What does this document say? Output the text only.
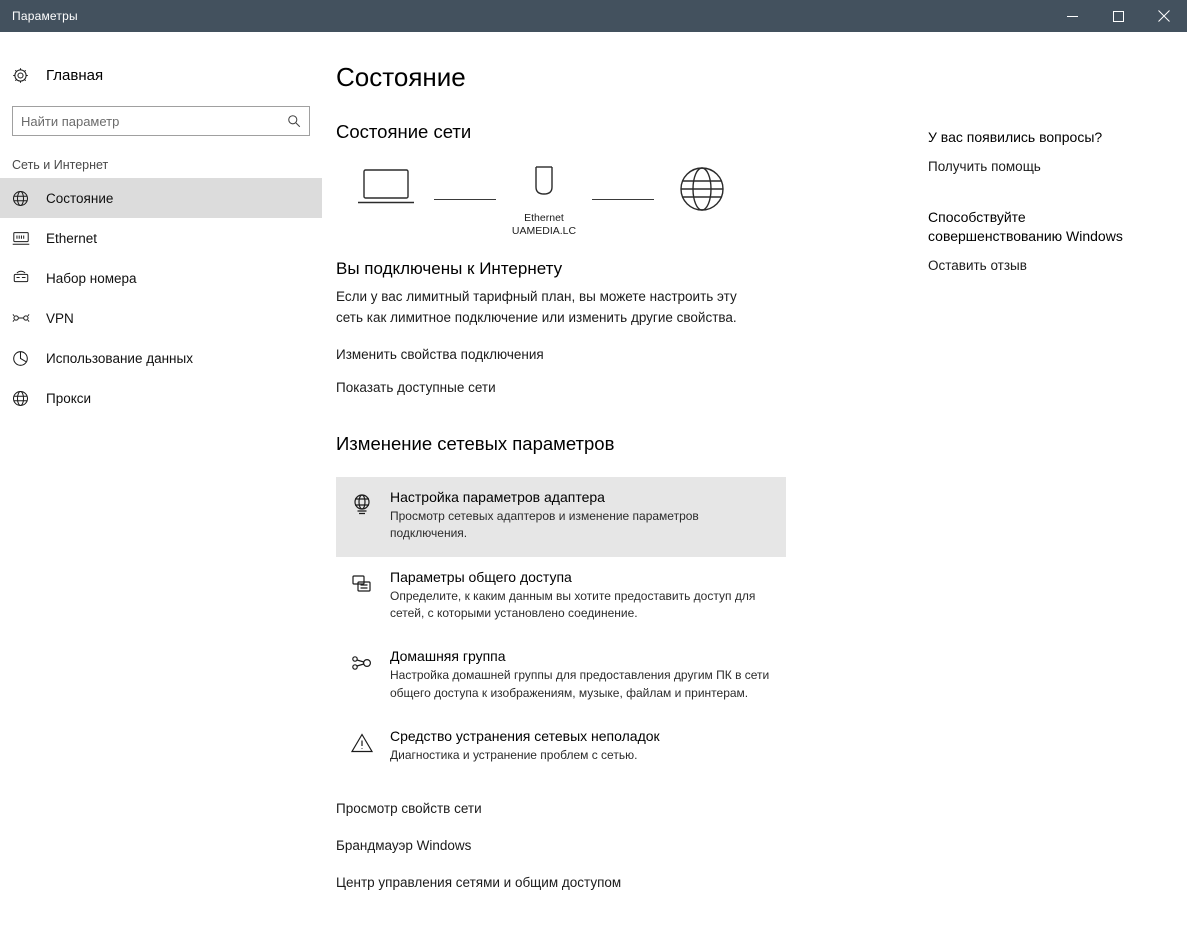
Параметры
Главная
Найти параметр
Сеть и Интернет
Состояние
Ethernet
Набор номера
VPN
Использование данных
Прокси
Состояние
Состояние сети
Ethernet
UAMEDIA.LC
Вы подключены к Интернету

Если у вас лимитный тарифный план, вы можете настроить эту сеть как лимитное подключение или изменить другие свойства.

Изменить свойства подключения
Показать доступные сети
Изменение сетевых параметров
Настройка параметров адаптера
Просмотр сетевых адаптеров и изменение параметров подключения.
Параметры общего доступа
Определите, к каким данным вы хотите предоставить доступ для сетей, с которыми установлено соединение.
Домашняя группа
Настройка домашней группы для предоставления другим ПК в сети общего доступа к изображениям, музыке, файлам и принтерам.
Средство устранения сетевых неполадок
Диагностика и устранение проблем с сетью.
Просмотр свойств сети
Брандмауэр Windows
Центр управления сетями и общим доступом
У вас появились вопросы?
Получить помощь
Способствуйте
совершенствованию Windows
Оставить отзыв
